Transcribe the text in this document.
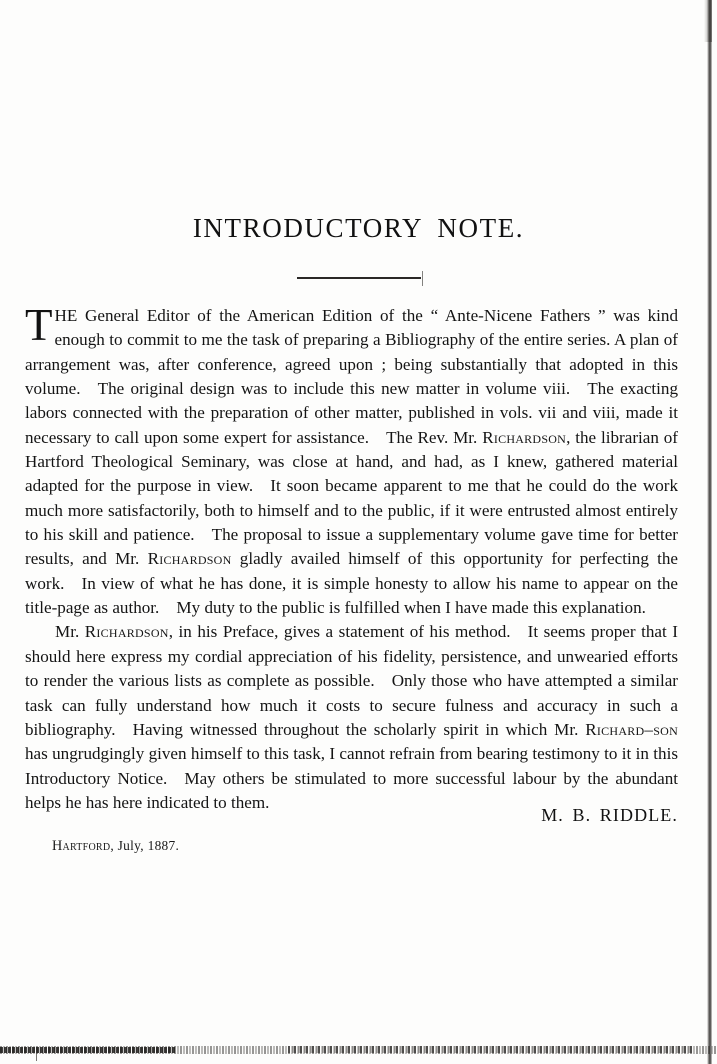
INTRODUCTORY NOTE.

THE General Editor of the American Edition of the “ Ante-Nicene Fathers ” was kind enough to commit to me the task of preparing a Bibliography of the entire series. A plan of arrangement was, after conference, agreed upon ; being substantially that adopted in this volume. The original design was to include this new matter in volume viii. The exacting labors connected with the preparation of other matter, published in vols. vii and viii, made it necessary to call upon some expert for assistance. The Rev. Mr. Richardson, the librarian of Hartford Theological Seminary, was close at hand, and had, as I knew, gathered material adapted for the purpose in view. It soon became apparent to me that he could do the work much more satisfactorily, both to himself and to the public, if it were entrusted almost entirely to his skill and patience. The proposal to issue a supplementary volume gave time for better results, and Mr. Richardson gladly availed himself of this opportunity for perfecting the work. In view of what he has done, it is simple honesty to allow his name to appear on the title-page as author. My duty to the public is fulfilled when I have made this explanation.

Mr. Richardson, in his Preface, gives a statement of his method. It seems proper that I should here express my cordial appreciation of his fidelity, persistence, and unwearied efforts to render the various lists as complete as possible. Only those who have attempted a similar task can fully understand how much it costs to secure fulness and accuracy in such a bibliography. Having witnessed throughout the scholarly spirit in which Mr. Richard–son has ungrudgingly given himself to this task, I cannot refrain from bearing testimony to it in this Introductory Notice. May others be stimulated to more successful labour by the abundant helps he has here indicated to them.

M. B. RIDDLE.
Hartford, July, 1887.
